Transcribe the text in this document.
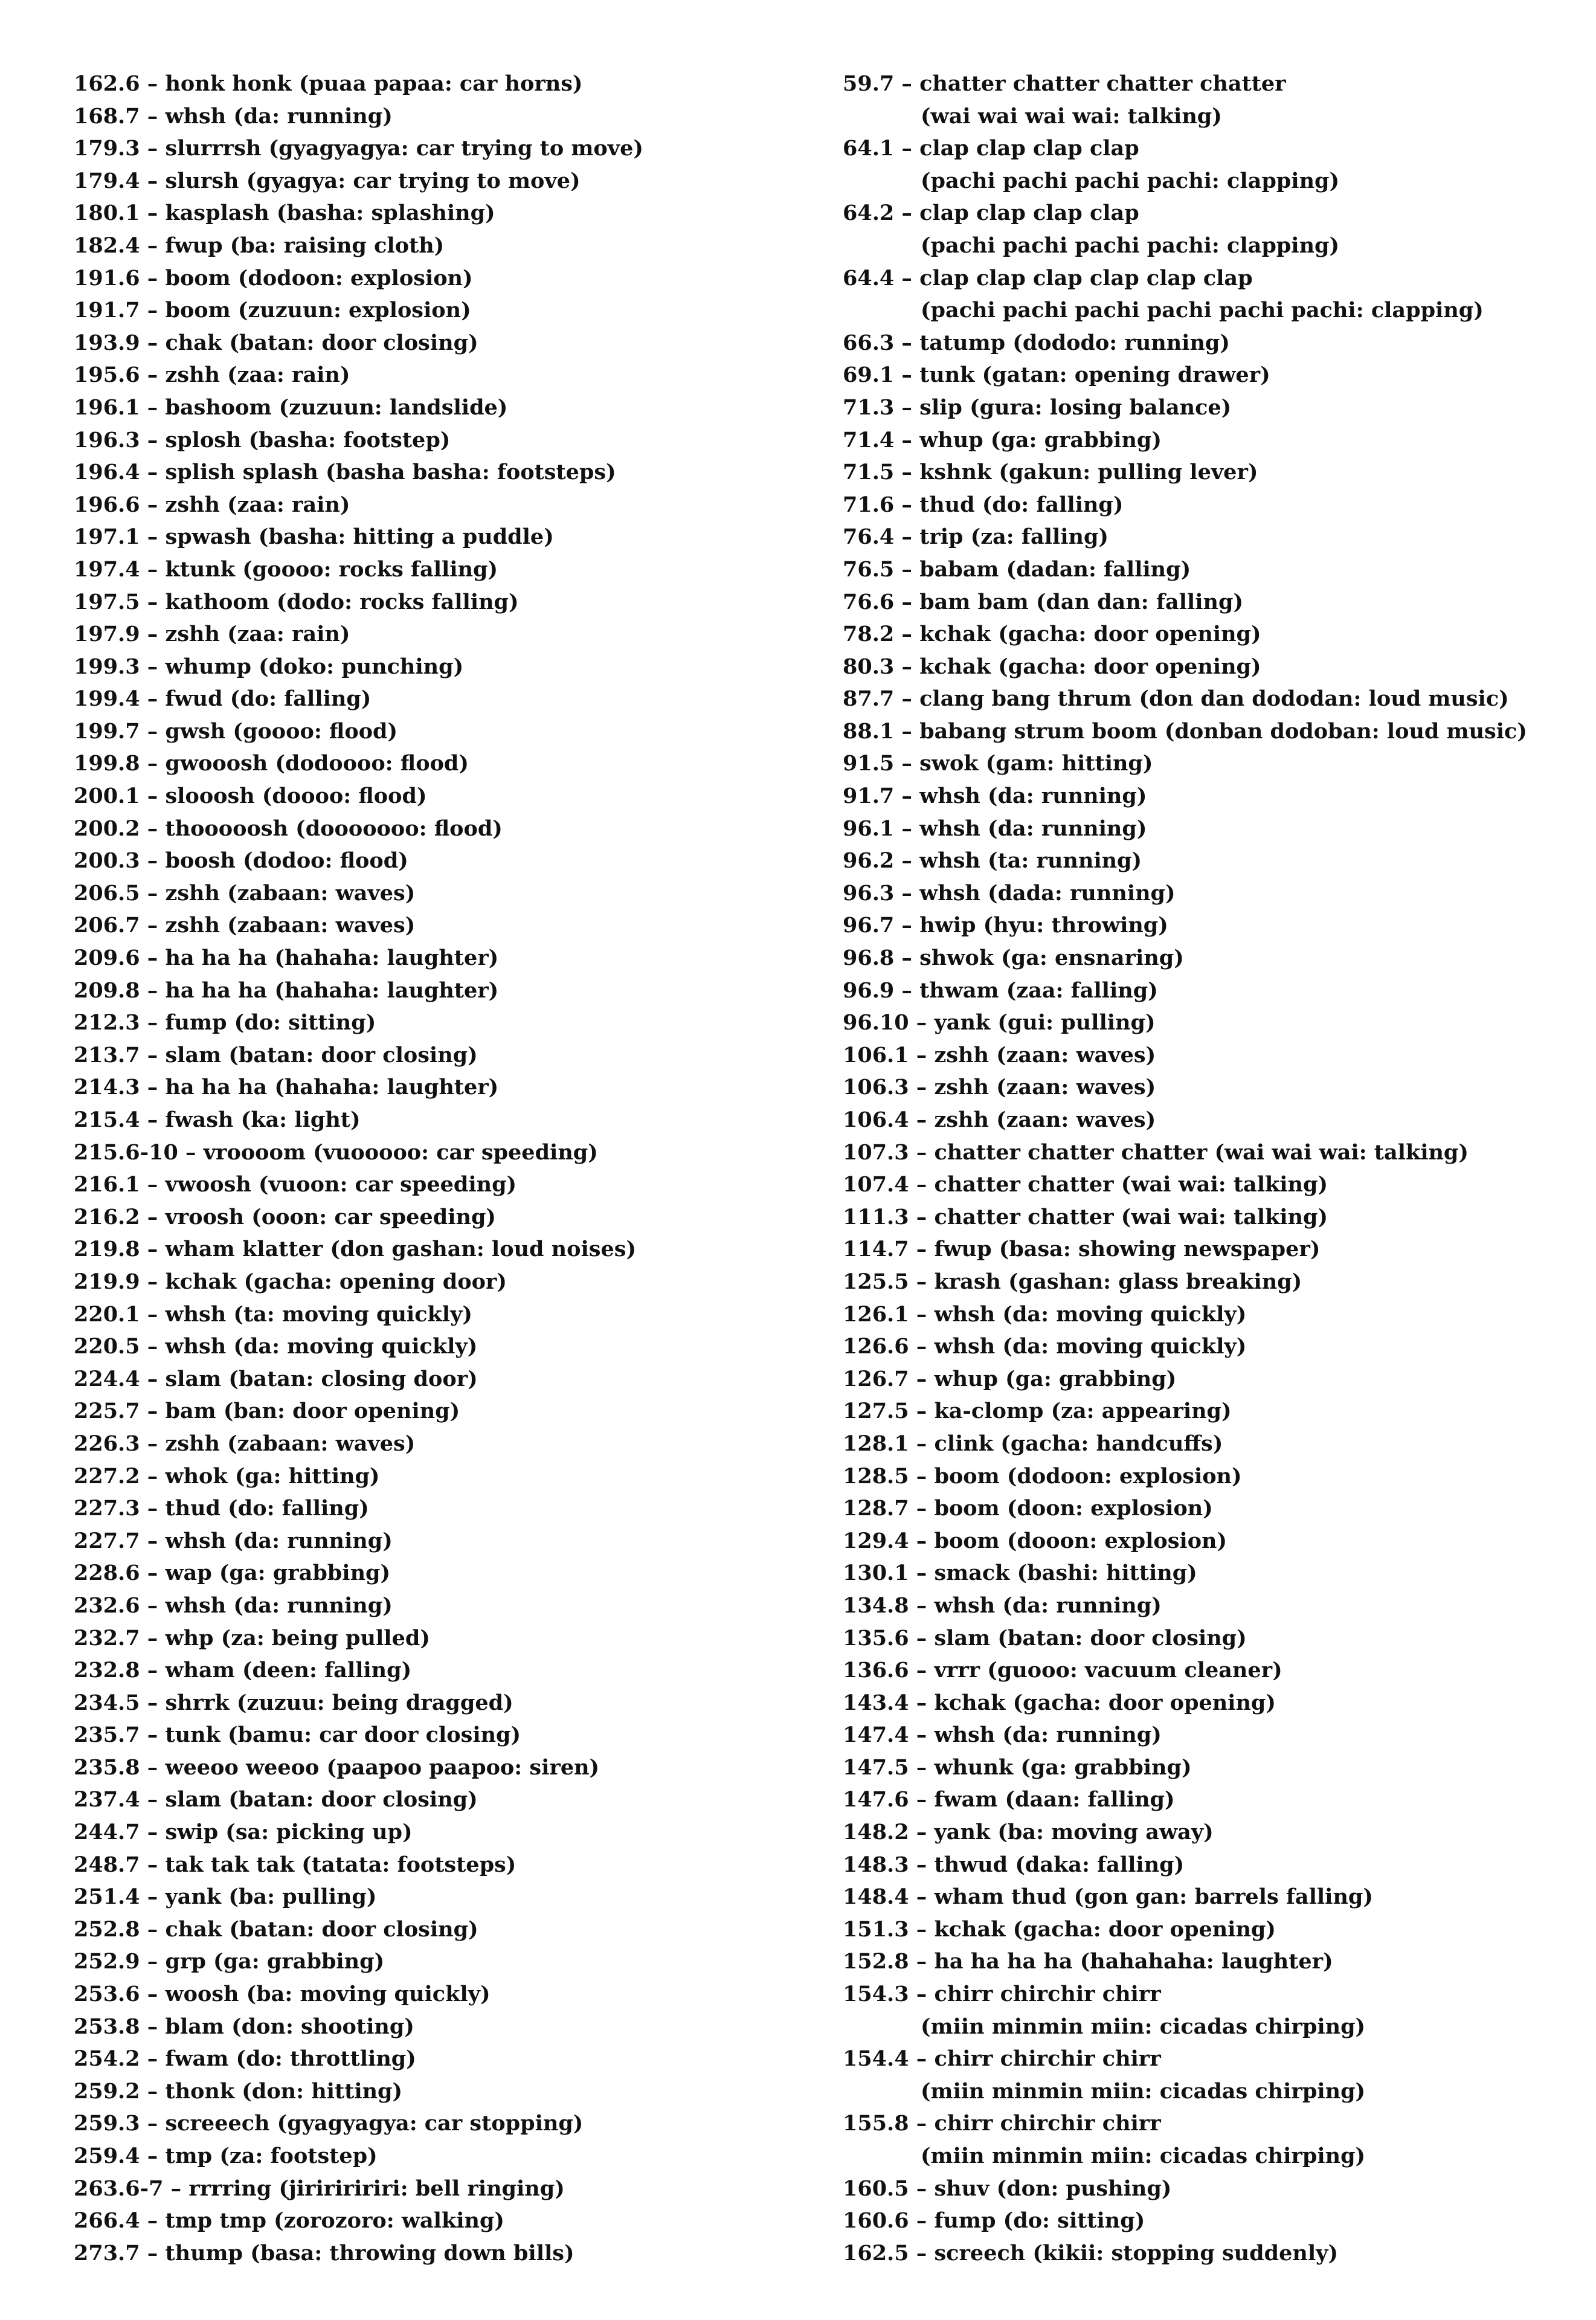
162.6 – honk honk (puaa papaa: car horns)
168.7 – whsh (da: running)
179.3 – slurrrsh (gyagyagya: car trying to move)
179.4 – slursh (gyagya: car trying to move)
180.1 – kasplash (basha: splashing)
182.4 – fwup (ba: raising cloth)
191.6 – boom (dodoon: explosion)
191.7 – boom (zuzuun: explosion)
193.9 – chak (batan: door closing)
195.6 – zshh (zaa: rain)
196.1 – bashoom (zuzuun: landslide)
196.3 – splosh (basha: footstep)
196.4 – splish splash (basha basha: footsteps)
196.6 – zshh (zaa: rain)
197.1 – spwash (basha: hitting a puddle)
197.4 – ktunk (goooo: rocks falling)
197.5 – kathoom (dodo: rocks falling)
197.9 – zshh (zaa: rain)
199.3 – whump (doko: punching)
199.4 – fwud (do: falling)
199.7 – gwsh (goooo: flood)
199.8 – gwooosh (dodoooo: flood)
200.1 – slooosh (doooo: flood)
200.2 – thooooosh (dooooooo: flood)
200.3 – boosh (dodoo: flood)
206.5 – zshh (zabaan: waves)
206.7 – zshh (zabaan: waves)
209.6 – ha ha ha (hahaha: laughter)
209.8 – ha ha ha (hahaha: laughter)
212.3 – fump (do: sitting)
213.7 – slam (batan: door closing)
214.3 – ha ha ha (hahaha: laughter)
215.4 – fwash (ka: light)
215.6-10 – vroooom (vuooooo: car speeding)
216.1 – vwoosh (vuoon: car speeding)
216.2 – vroosh (ooon: car speeding)
219.8 – wham klatter (don gashan: loud noises)
219.9 – kchak (gacha: opening door)
220.1 – whsh (ta: moving quickly)
220.5 – whsh (da: moving quickly)
224.4 – slam (batan: closing door)
225.7 – bam (ban: door opening)
226.3 – zshh (zabaan: waves)
227.2 – whok (ga: hitting)
227.3 – thud (do: falling)
227.7 – whsh (da: running)
228.6 – wap (ga: grabbing)
232.6 – whsh (da: running)
232.7 – whp (za: being pulled)
232.8 – wham (deen: falling)
234.5 – shrrk (zuzuu: being dragged)
235.7 – tunk (bamu: car door closing)
235.8 – weeoo weeoo (paapoo paapoo: siren)
237.4 – slam (batan: door closing)
244.7 – swip (sa: picking up)
248.7 – tak tak tak (tatata: footsteps)
251.4 – yank (ba: pulling)
252.8 – chak (batan: door closing)
252.9 – grp (ga: grabbing)
253.6 – woosh (ba: moving quickly)
253.8 – blam (don: shooting)
254.2 – fwam (do: throttling)
259.2 – thonk (don: hitting)
259.3 – screeech (gyagyagya: car stopping)
259.4 – tmp (za: footstep)
263.6-7 – rrrring (jiririririri: bell ringing)
266.4 – tmp tmp (zorozoro: walking)
273.7 – thump (basa: throwing down bills)
59.7 – chatter chatter chatter chatter
(wai wai wai wai: talking)
64.1 – clap clap clap clap
(pachi pachi pachi pachi: clapping)
64.2 – clap clap clap clap
(pachi pachi pachi pachi: clapping)
64.4 – clap clap clap clap clap clap
(pachi pachi pachi pachi pachi pachi: clapping)
66.3 – tatump (dododo: running)
69.1 – tunk (gatan: opening drawer)
71.3 – slip (gura: losing balance)
71.4 – whup (ga: grabbing)
71.5 – kshnk (gakun: pulling lever)
71.6 – thud (do: falling)
76.4 – trip (za: falling)
76.5 – babam (dadan: falling)
76.6 – bam bam (dan dan: falling)
78.2 – kchak (gacha: door opening)
80.3 – kchak (gacha: door opening)
87.7 – clang bang thrum (don dan dododan: loud music)
88.1 – babang strum boom (donban dodoban: loud music)
91.5 – swok (gam: hitting)
91.7 – whsh (da: running)
96.1 – whsh (da: running)
96.2 – whsh (ta: running)
96.3 – whsh (dada: running)
96.7 – hwip (hyu: throwing)
96.8 – shwok (ga: ensnaring)
96.9 – thwam (zaa: falling)
96.10 – yank (gui: pulling)
106.1 – zshh (zaan: waves)
106.3 – zshh (zaan: waves)
106.4 – zshh (zaan: waves)
107.3 – chatter chatter chatter (wai wai wai: talking)
107.4 – chatter chatter (wai wai: talking)
111.3 – chatter chatter (wai wai: talking)
114.7 – fwup (basa: showing newspaper)
125.5 – krash (gashan: glass breaking)
126.1 – whsh (da: moving quickly)
126.6 – whsh (da: moving quickly)
126.7 – whup (ga: grabbing)
127.5 – ka-clomp (za: appearing)
128.1 – clink (gacha: handcuffs)
128.5 – boom (dodoon: explosion)
128.7 – boom (doon: explosion)
129.4 – boom (dooon: explosion)
130.1 – smack (bashi: hitting)
134.8 – whsh (da: running)
135.6 – slam (batan: door closing)
136.6 – vrrr (guooo: vacuum cleaner)
143.4 – kchak (gacha: door opening)
147.4 – whsh (da: running)
147.5 – whunk (ga: grabbing)
147.6 – fwam (daan: falling)
148.2 – yank (ba: moving away)
148.3 – thwud (daka: falling)
148.4 – wham thud (gon gan: barrels falling)
151.3 – kchak (gacha: door opening)
152.8 – ha ha ha ha (hahahaha: laughter)
154.3 – chirr chirchir chirr
(miin minmin miin: cicadas chirping)
154.4 – chirr chirchir chirr
(miin minmin miin: cicadas chirping)
155.8 – chirr chirchir chirr
(miin minmin miin: cicadas chirping)
160.5 – shuv (don: pushing)
160.6 – fump (do: sitting)
162.5 – screech (kikii: stopping suddenly)
